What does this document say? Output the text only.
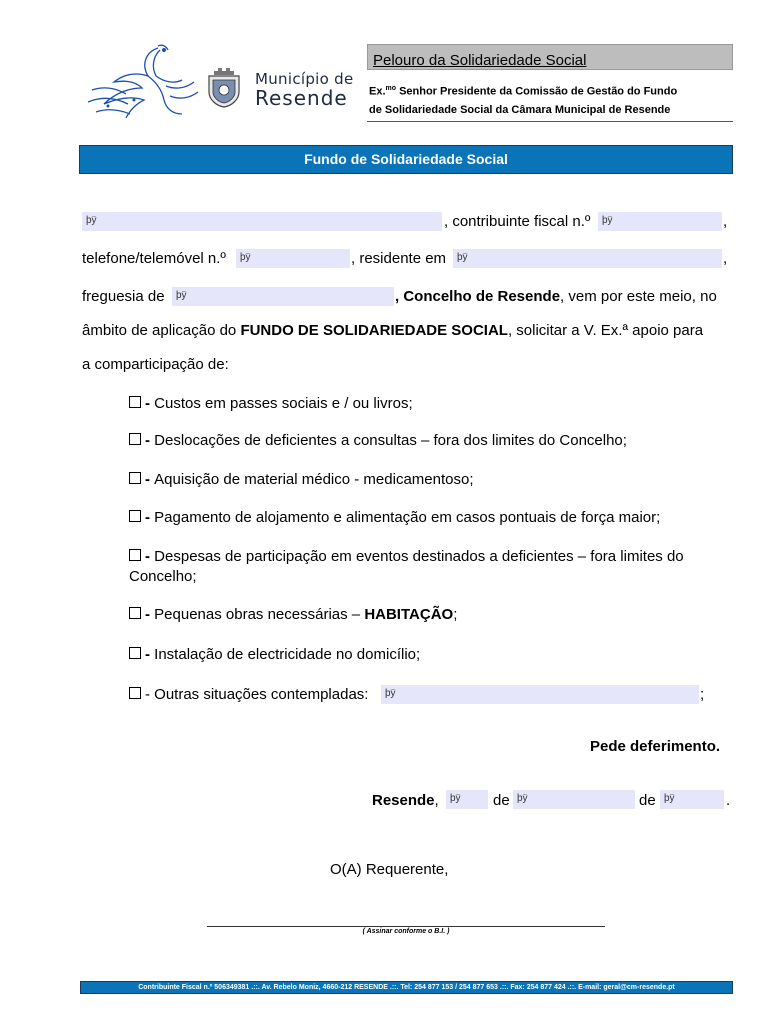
Município de
Resende
Pelouro da Solidariedade Social
Ex.$^{mo}$ Senhor Presidente da Comissão de Gestão do Fundo
de Solidariedade Social da Câmara Municipal de Resende
Fundo de Solidariedade Social
þÿ	, contribuinte fiscal n.º	þÿ	,
telefone/telemóvel n.º	þÿ	, residente em	þÿ	,
freguesia de	þÿ	, Concelho de Resende, vem por este meio, no
âmbito de aplicação do FUNDO DE SOLIDARIEDADE SOCIAL, solicitar a V. Ex.ª apoio para
a comparticipação de:
- Custos em passes sociais e / ou livros;
- Deslocações de deficientes a consultas – fora dos limites do Concelho;
- Aquisição de material médico - medicamentoso;
- Pagamento de alojamento e alimentação em casos pontuais de força maior;
- Despesas de participação em eventos destinados a deficientes – fora limites do
Concelho;
- Pequenas obras necessárias – HABITAÇÃO;
- Instalação de electricidade no domicílio;
- Outras situações contempladas:	þÿ	;
Pede deferimento.
Resende,	þÿ	de þÿ	de þÿ	.
O(A) Requerente,
( Assinar conforme o B.I. )
Contribuinte Fiscal n.º 506349381 .::. Av. Rebelo Moniz, 4660-212 RESENDE .::. Tel: 254 877 153 / 254 877 653 .::. Fax: 254 877 424 .::. E-mail: geral@cm-resende.pt
